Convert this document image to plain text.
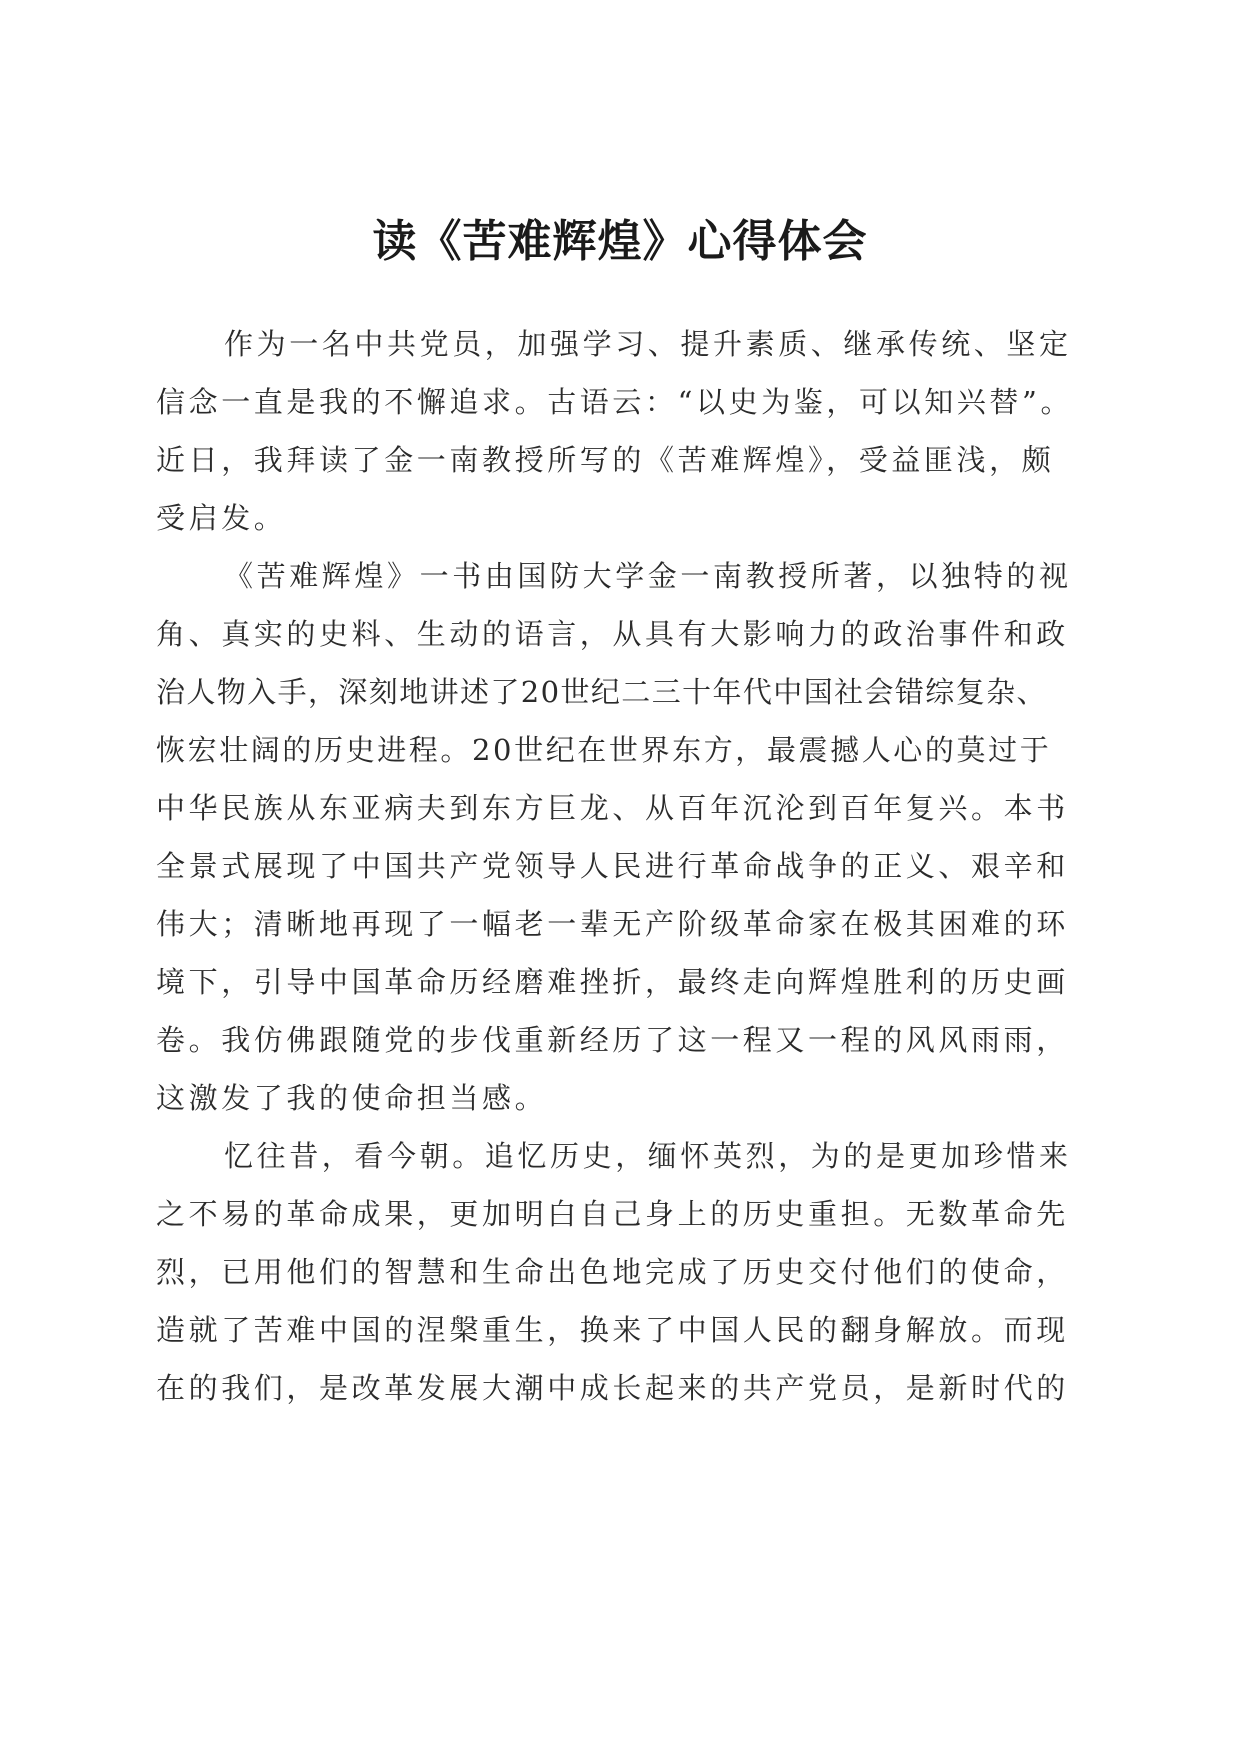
读《苦难辉煌》心得体会
作为一名中共党员，加强学习、提升素质、继承传统、坚定
信念一直是我的不懈追求。古语云：“以史为鉴，可以知兴替”。
近日，我拜读了金一南教授所写的《苦难辉煌》，受益匪浅，颇
受启发。
《苦难辉煌》一书由国防大学金一南教授所著，以独特的视
角、真实的史料、生动的语言，从具有大影响力的政治事件和政
治人物入手，深刻地讲述了20世纪二三十年代中国社会错综复杂、
恢宏壮阔的历史进程。20世纪在世界东方，最震撼人心的莫过于
中华民族从东亚病夫到东方巨龙、从百年沉沦到百年复兴。本书
全景式展现了中国共产党领导人民进行革命战争的正义、艰辛和
伟大；清晰地再现了一幅老一辈无产阶级革命家在极其困难的环
境下，引导中国革命历经磨难挫折，最终走向辉煌胜利的历史画
卷。我仿佛跟随党的步伐重新经历了这一程又一程的风风雨雨，
这激发了我的使命担当感。
忆往昔，看今朝。追忆历史，缅怀英烈，为的是更加珍惜来
之不易的革命成果，更加明白自己身上的历史重担。无数革命先
烈，已用他们的智慧和生命出色地完成了历史交付他们的使命，
造就了苦难中国的涅槃重生，换来了中国人民的翻身解放。而现
在的我们，是改革发展大潮中成长起来的共产党员，是新时代的
